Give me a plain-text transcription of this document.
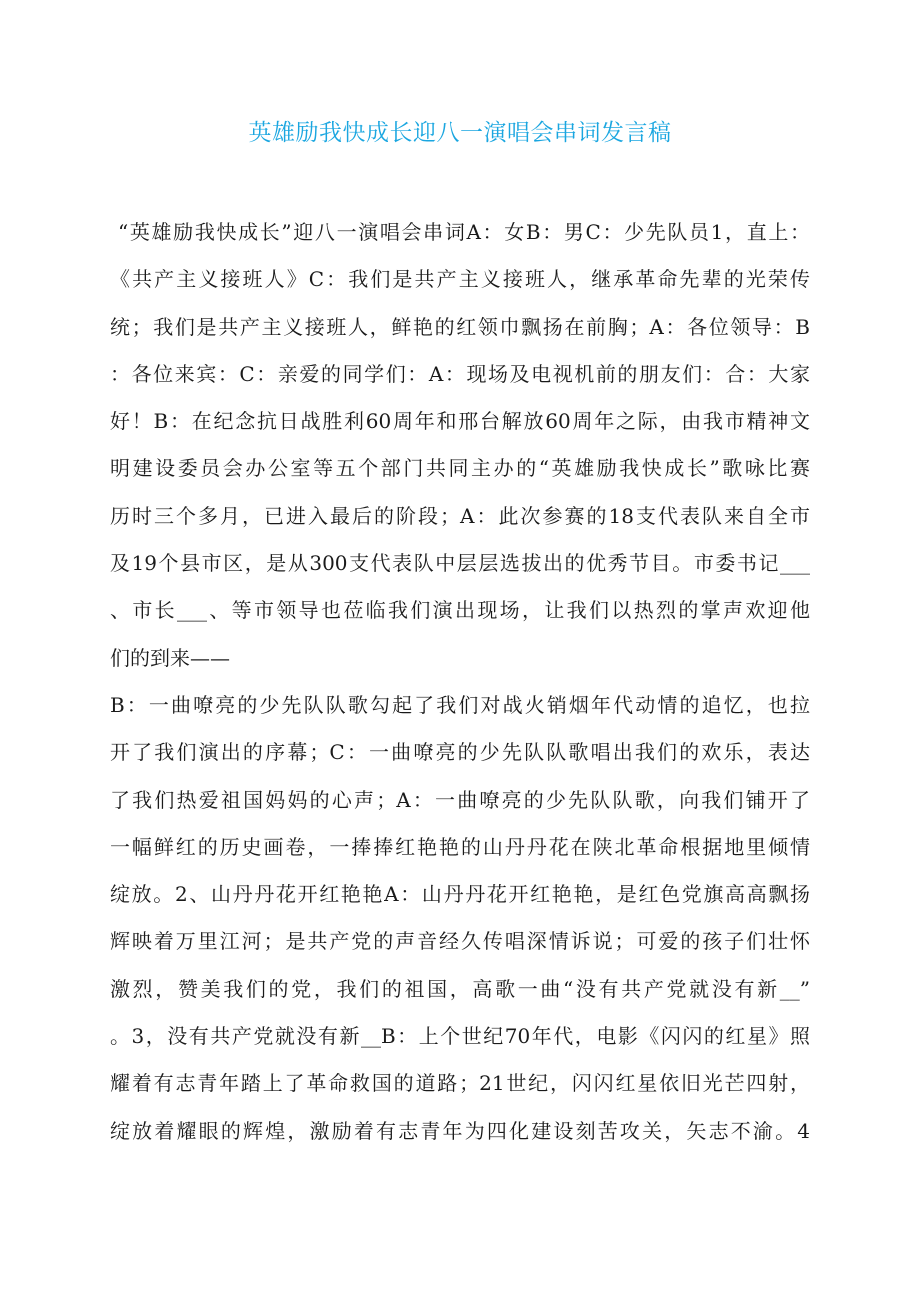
英雄励我快成长迎八一演唱会串词发言稿
“英雄励我快成长”迎八一演唱会串词A：女B：男C：少先队员1，直上：
《共产主义接班人》C：我们是共产主义接班人，继承革命先辈的光荣传
统；我们是共产主义接班人，鲜艳的红领巾飘扬在前胸；A：各位领导：B
：各位来宾：C：亲爱的同学们：A：现场及电视机前的朋友们：合：大家
好！B：在纪念抗日战胜利60周年和邢台解放60周年之际，由我市精神文
明建设委员会办公室等五个部门共同主办的“英雄励我快成长”歌咏比赛
历时三个多月，已进入最后的阶段；A：此次参赛的18支代表队来自全市
及19个县市区，是从300支代表队中层层选拔出的优秀节目。市委书记___
、市长___、等市领导也莅临我们演出现场，让我们以热烈的掌声欢迎他
们的到来——
B：一曲嘹亮的少先队队歌勾起了我们对战火销烟年代动情的追忆，也拉
开了我们演出的序幕；C：一曲嘹亮的少先队队歌唱出我们的欢乐，表达
了我们热爱祖国妈妈的心声；A：一曲嘹亮的少先队队歌，向我们铺开了
一幅鲜红的历史画卷，一捧捧红艳艳的山丹丹花在陕北革命根据地里倾情
绽放。2、山丹丹花开红艳艳A：山丹丹花开红艳艳，是红色党旗高高飘扬
辉映着万里江河；是共产党的声音经久传唱深情诉说；可爱的孩子们壮怀
激烈，赞美我们的党，我们的祖国，高歌一曲“没有共产党就没有新__”
。3，没有共产党就没有新__B：上个世纪70年代，电影《闪闪的红星》照
耀着有志青年踏上了革命救国的道路；21世纪，闪闪红星依旧光芒四射，
绽放着耀眼的辉煌，激励着有志青年为四化建设刻苦攻关，矢志不渝。4
